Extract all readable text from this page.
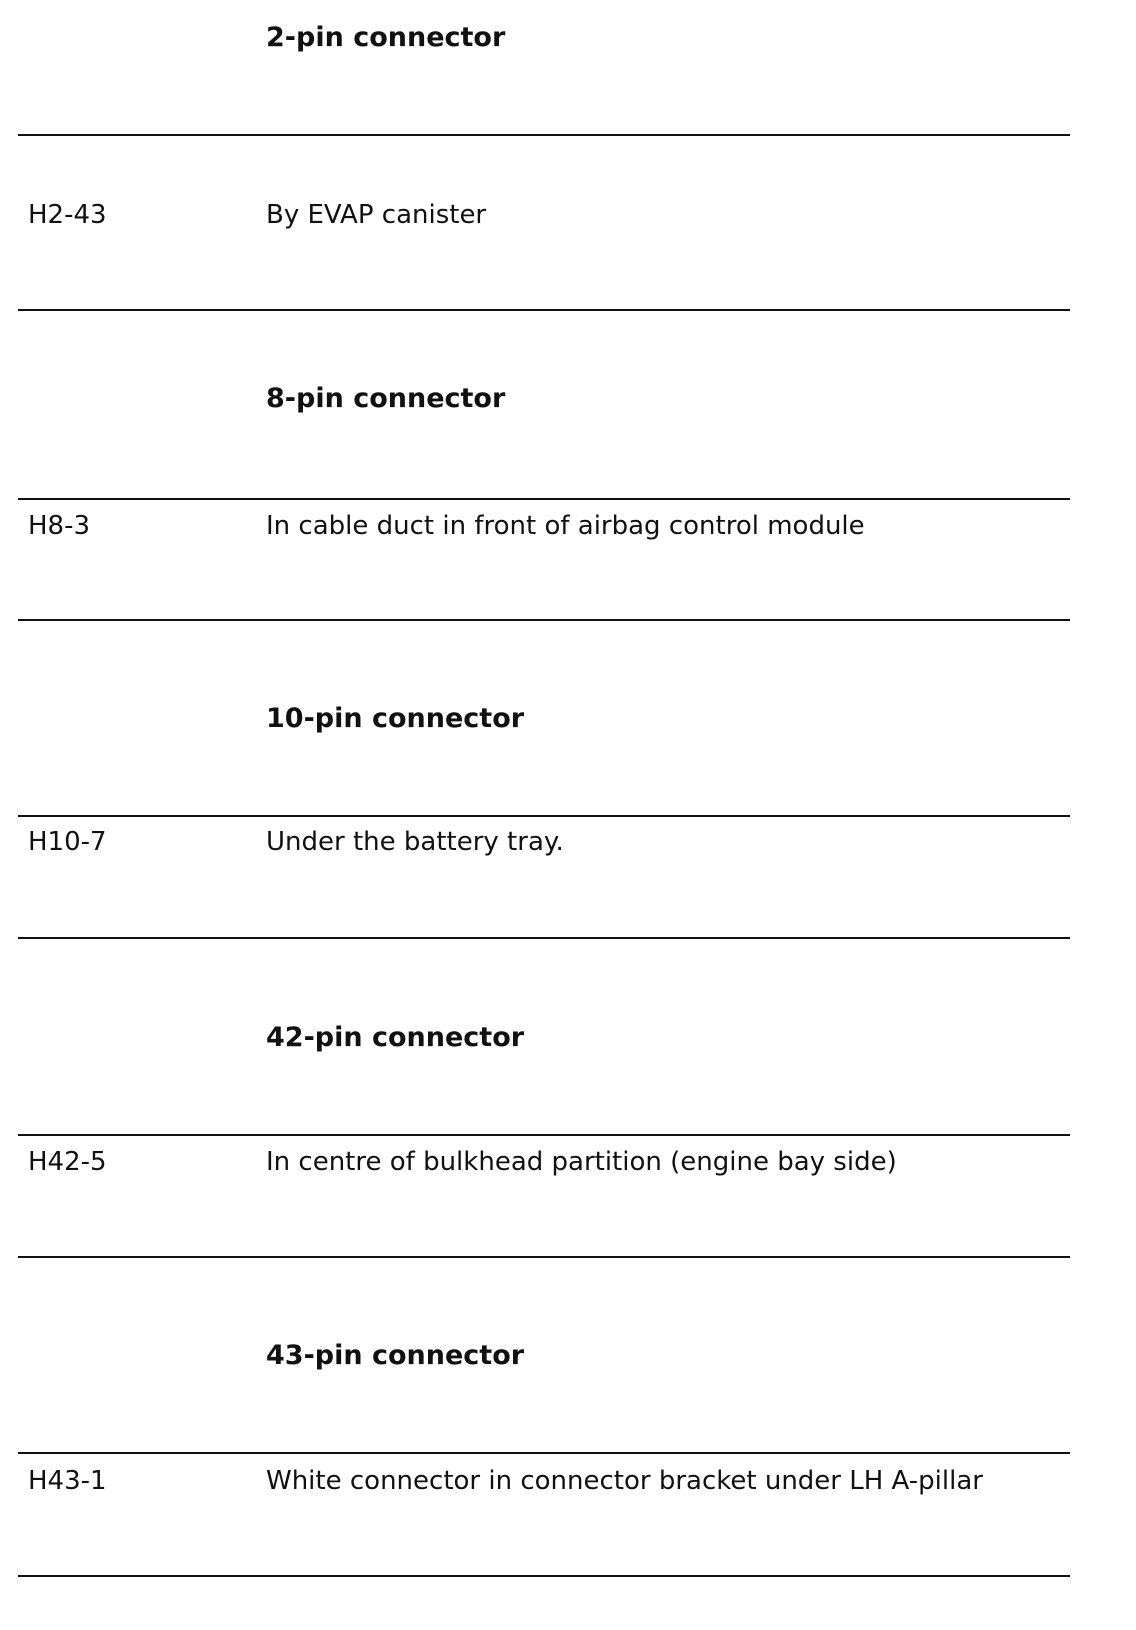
2-pin connector
H2-43	By EVAP canister
8-pin connector
H8-3	In cable duct in front of airbag control module
10-pin connector
H10-7	Under the battery tray.
42-pin connector
H42-5	In centre of bulkhead partition (engine bay side)
43-pin connector
H43-1	White connector in connector bracket under LH A-pillar
